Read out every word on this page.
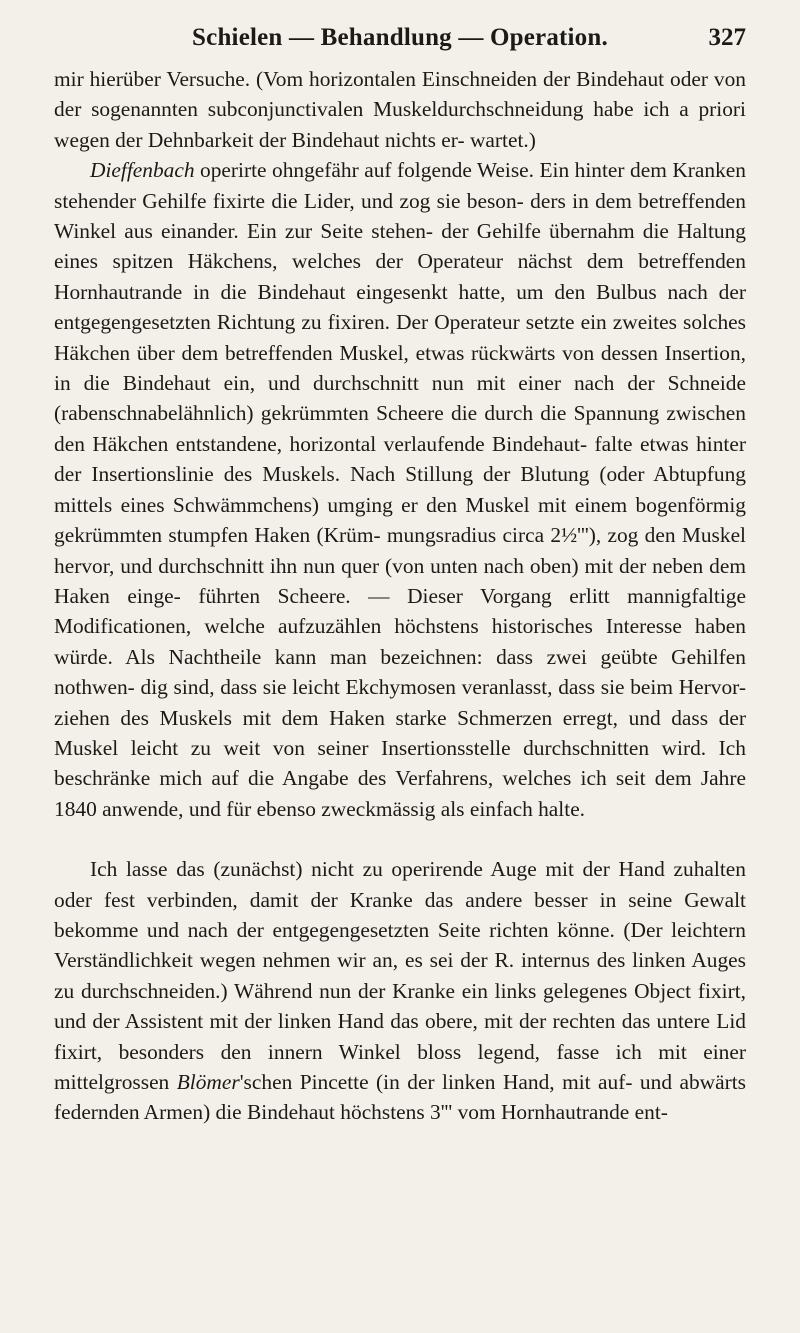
Schielen — Behandlung — Operation.	327

mir hierüber Versuche. (Vom horizontalen Einschneiden der Bindehaut oder von der sogenannten subconjunctivalen Muskeldurchschneidung habe ich a priori wegen der Dehnbarkeit der Bindehaut nichts er- wartet.)

Dieffenbach operirte ohngefähr auf folgende Weise. Ein hinter dem Kranken stehender Gehilfe fixirte die Lider, und zog sie beson- ders in dem betreffenden Winkel aus einander. Ein zur Seite stehen- der Gehilfe übernahm die Haltung eines spitzen Häkchens, welches der Operateur nächst dem betreffenden Hornhautrande in die Bindehaut eingesenkt hatte, um den Bulbus nach der entgegengesetzten Richtung zu fixiren. Der Operateur setzte ein zweites solches Häkchen über dem betreffenden Muskel, etwas rückwärts von dessen Insertion, in die Bindehaut ein, und durchschnitt nun mit einer nach der Schneide (rabenschnabelähnlich) gekrümmten Scheere die durch die Spannung zwischen den Häkchen entstandene, horizontal verlaufende Bindehaut- falte etwas hinter der Insertionslinie des Muskels. Nach Stillung der Blutung (oder Abtupfung mittels eines Schwämmchens) umging er den Muskel mit einem bogenförmig gekrümmten stumpfen Haken (Krüm- mungsradius circa 2½'''), zog den Muskel hervor, und durchschnitt ihn nun quer (von unten nach oben) mit der neben dem Haken einge- führten Scheere. — Dieser Vorgang erlitt mannigfaltige Modificationen, welche aufzuzählen höchstens historisches Interesse haben würde. Als Nachtheile kann man bezeichnen: dass zwei geübte Gehilfen nothwen- dig sind, dass sie leicht Ekchymosen veranlasst, dass sie beim Hervor- ziehen des Muskels mit dem Haken starke Schmerzen erregt, und dass der Muskel leicht zu weit von seiner Insertionsstelle durchschnitten wird. Ich beschränke mich auf die Angabe des Verfahrens, welches ich seit dem Jahre 1840 anwende, und für ebenso zweckmässig als einfach halte.

Ich lasse das (zunächst) nicht zu operirende Auge mit der Hand zuhalten oder fest verbinden, damit der Kranke das andere besser in seine Gewalt bekomme und nach der entgegengesetzten Seite richten könne. (Der leichtern Verständlichkeit wegen nehmen wir an, es sei der R. internus des linken Auges zu durchschneiden.) Während nun der Kranke ein links gelegenes Object fixirt, und der Assistent mit der linken Hand das obere, mit der rechten das untere Lid fixirt, besonders den innern Winkel bloss legend, fasse ich mit einer mittelgrossen Blömer'schen Pincette (in der linken Hand, mit auf- und abwärts federnden Armen) die Bindehaut höchstens 3''' vom Hornhautrande ent-
